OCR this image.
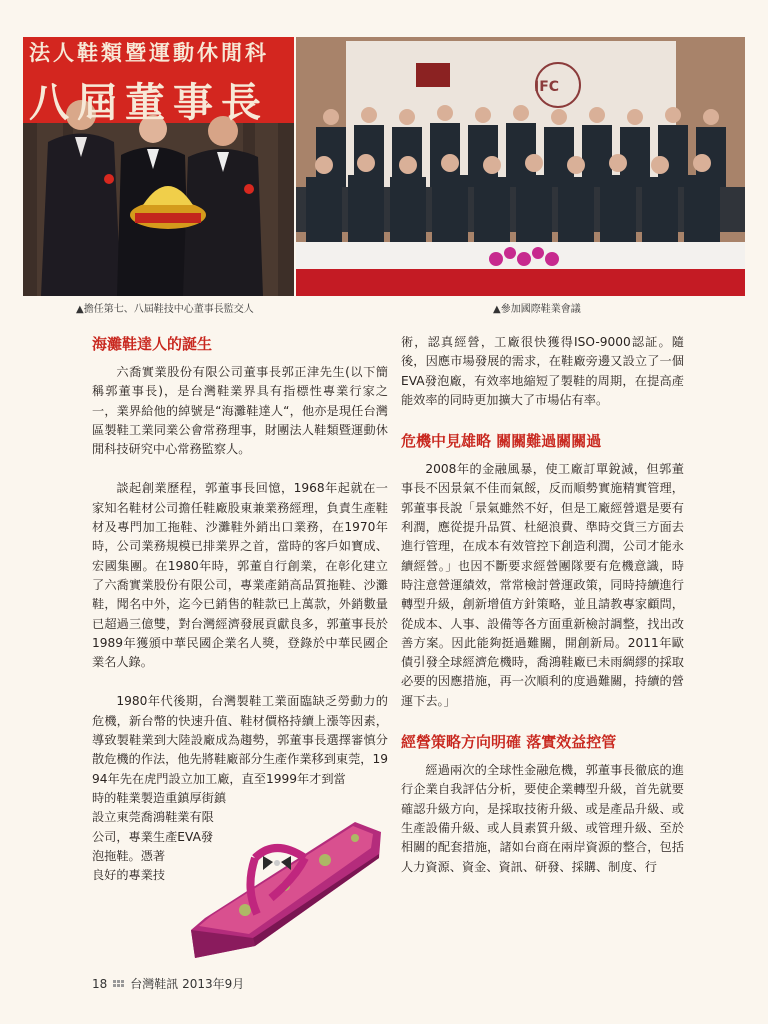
法人鞋類暨運動休閒科
八屆董事長	IFC
▲擔任第七、八屆鞋技中心董事長監交人	▲參加國際鞋業會議
海灘鞋達人的誕生

六喬實業股份有限公司董事長郭正津先生(以下簡稱郭董事長)，是台灣鞋業界具有指標性專業行家之一，業界給他的綽號是“海灘鞋達人“，他亦是現任台灣區製鞋工業同業公會常務理事，財團法人鞋類暨運動休閒科技研究中心常務監察人。

談起創業歷程，郭董事長回憶，1968年起就在一家知名鞋材公司擔任鞋廠股東兼業務經理，負責生產鞋材及專門加工拖鞋、沙灘鞋外銷出口業務，在1970年時，公司業務規模已排業界之首，當時的客戶如寶成、宏國集團。在1980年時，郭董自行創業，在彰化建立了六喬實業股份有限公司，專業產銷高品質拖鞋、沙灘鞋，聞名中外，迄今已銷售的鞋款已上萬款，外銷數量已超過三億雙，對台灣經濟發展貢獻良多，郭董事長於1989年獲頒中華民國企業名人獎，登錄於中華民國企業名人錄。

1980年代後期，台灣製鞋工業面臨缺乏勞動力的危機，新台幣的快速升值、鞋材價格持續上漲等因素，導致製鞋業到大陸設廠成為趨勢，郭董事長選擇審慎分散危機的作法，他先將鞋廠部分生產作業移到東莞，1994年先在虎門設立加工廠，直至1999年才到當

時的鞋業製造重鎮厚街鎮

設立東莞喬鴻鞋業有限

公司，專業生產EVA發

泡拖鞋。憑著

良好的專業技

術，認真經營，工廠很快獲得ISO-9000認証。隨後，因應市場發展的需求，在鞋廠旁邊又設立了一個EVA發泡廠，有效率地縮短了製鞋的周期，在提高產能效率的同時更加擴大了市場佔有率。

危機中見雄略 關關難過關關過

2008年的金融風暴，使工廠訂單銳減，但郭董事長不因景氣不佳而氣餒，反而順勢實施精實管理，郭董事長說「景氣雖然不好，但是工廠經營還是要有利潤，應從提升品質、杜絕浪費、準時交貨三方面去進行管理，在成本有效管控下創造利潤，公司才能永續經營。」也因不斷要求經營團隊要有危機意識，時時注意營運績效，常常檢討營運政策，同時持續進行轉型升級，創新增值方針策略，並且請教專家顧問，從成本、人事、設備等各方面重新檢討調整，找出改善方案。因此能夠挺過難關，開創新局。2011年歐債引發全球經濟危機時，喬鴻鞋廠已未雨綢繆的採取必要的因應措施，再一次順利的度過難關，持續的營運下去。」

經營策略方向明確 落實效益控管

經過兩次的全球性金融危機，郭董事長徹底的進行企業自我評估分析，要使企業轉型升級，首先就要確認升級方向，是採取技術升級、或是產品升級、或生產設備升級、或人員素質升級、或管理升級、至於相關的配套措施，諸如台商在兩岸資源的整合，包括人力資源、資金、資訊、研發、採購、制度、行

18 台灣鞋訊 2013年9月
